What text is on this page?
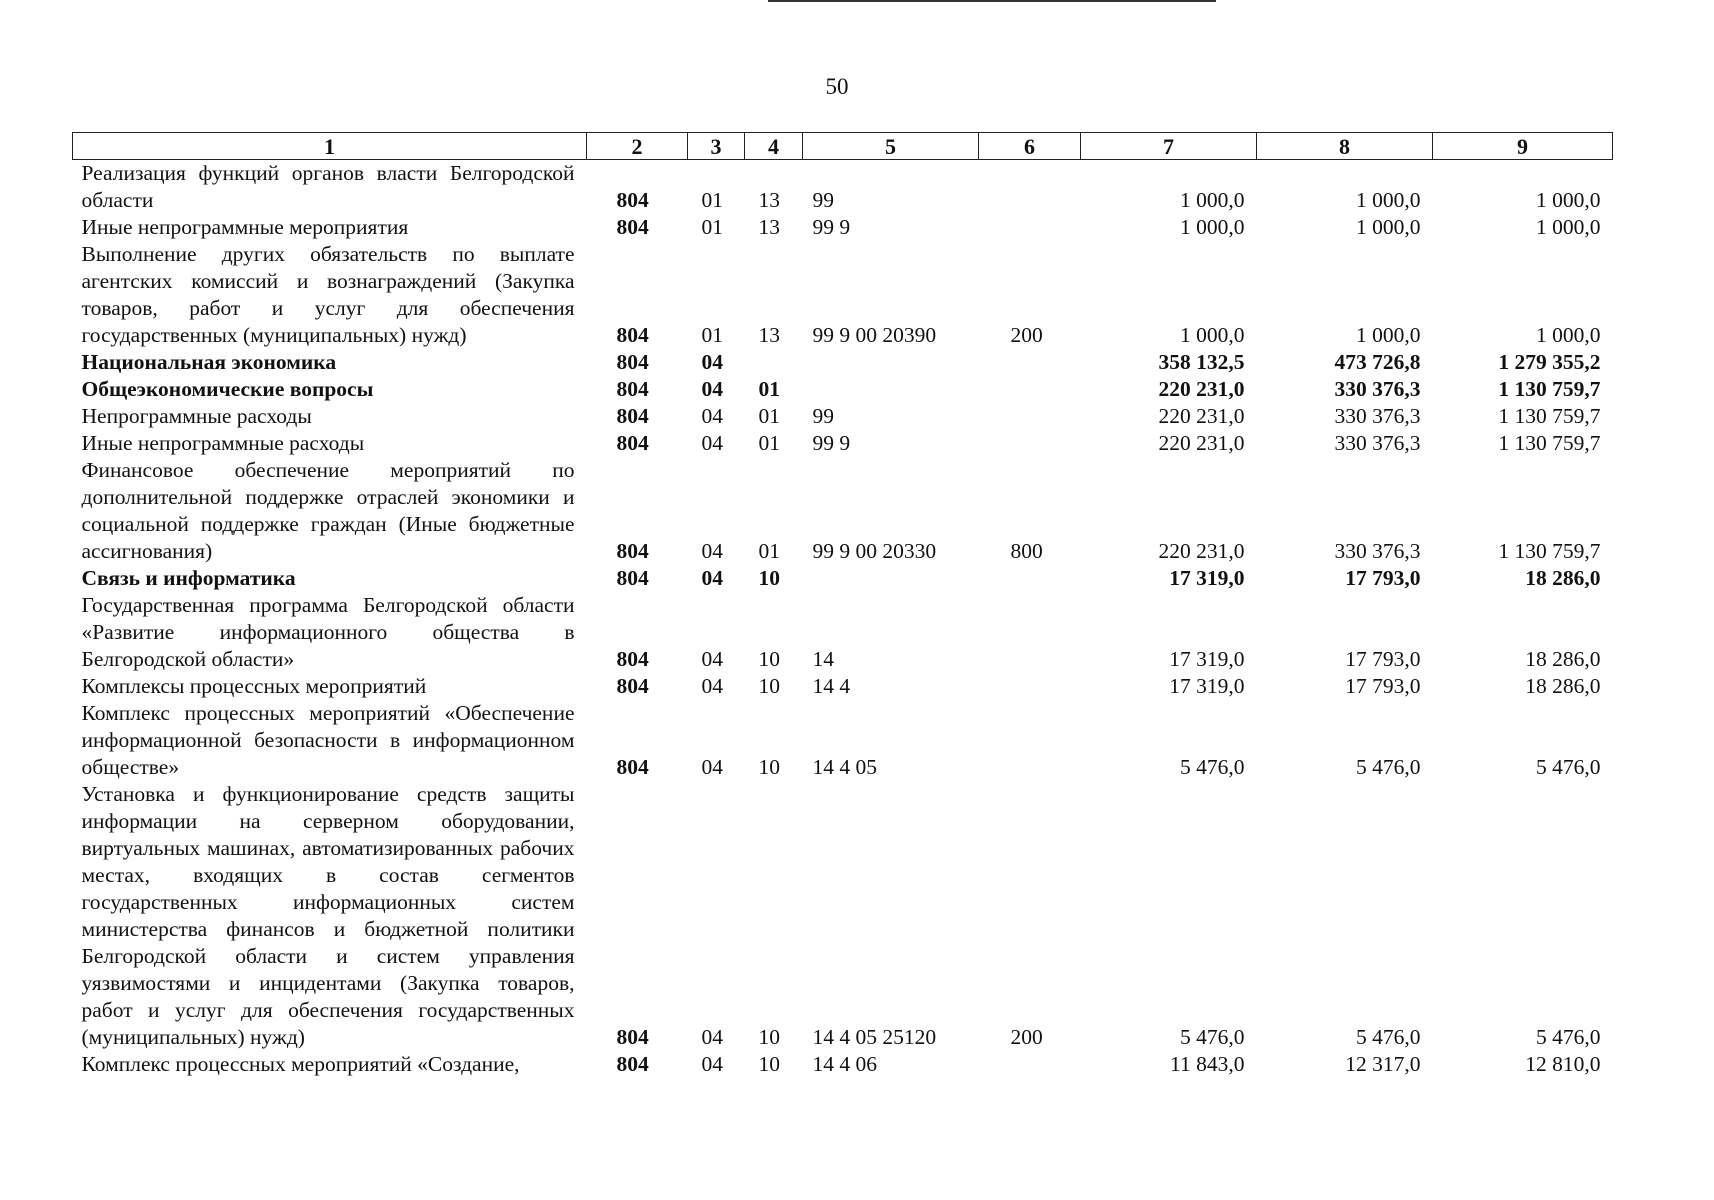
50
1	2	3	4	5	6	7	8	9
Реализация функций органов власти Белгородской области	804	01	13	99		1 000,0	1 000,0	1 000,0
Иные непрограммные мероприятия	804	01	13	99 9		1 000,0	1 000,0	1 000,0
Выполнение других обязательств по выплате агентских комиссий и вознаграждений (Закупка товаров, работ и услуг для обеспечения государственных (муниципальных) нужд)	804	01	13	99 9 00 20390	200	1 000,0	1 000,0	1 000,0
Национальная экономика	804	04				358 132,5	473 726,8	1 279 355,2
Общеэкономические вопросы	804	04	01			220 231,0	330 376,3	1 130 759,7
Непрограммные расходы	804	04	01	99		220 231,0	330 376,3	1 130 759,7
Иные непрограммные расходы	804	04	01	99 9		220 231,0	330 376,3	1 130 759,7
Финансовое обеспечение мероприятий по дополнительной поддержке отраслей экономики и социальной поддержке граждан (Иные бюджетные ассигнования)	804	04	01	99 9 00 20330	800	220 231,0	330 376,3	1 130 759,7
Связь и информатика	804	04	10			17 319,0	17 793,0	18 286,0
Государственная программа Белгородской области «Развитие информационного общества в Белгородской области»	804	04	10	14		17 319,0	17 793,0	18 286,0
Комплексы процессных мероприятий	804	04	10	14 4		17 319,0	17 793,0	18 286,0
Комплекс процессных мероприятий «Обеспечение информационной безопасности в информационном обществе»	804	04	10	14 4 05		5 476,0	5 476,0	5 476,0
Установка и функционирование средств защиты информации на серверном оборудовании, виртуальных машинах, автоматизированных рабочих местах, входящих в состав сегментов государственных информационных систем министерства финансов и бюджетной политики Белгородской области и систем управления уязвимостями и инцидентами (Закупка товаров, работ и услуг для обеспечения государственных (муниципальных) нужд)	804	04	10	14 4 05 25120	200	5 476,0	5 476,0	5 476,0
Комплекс процессных мероприятий «Создание,	804	04	10	14 4 06		11 843,0	12 317,0	12 810,0
